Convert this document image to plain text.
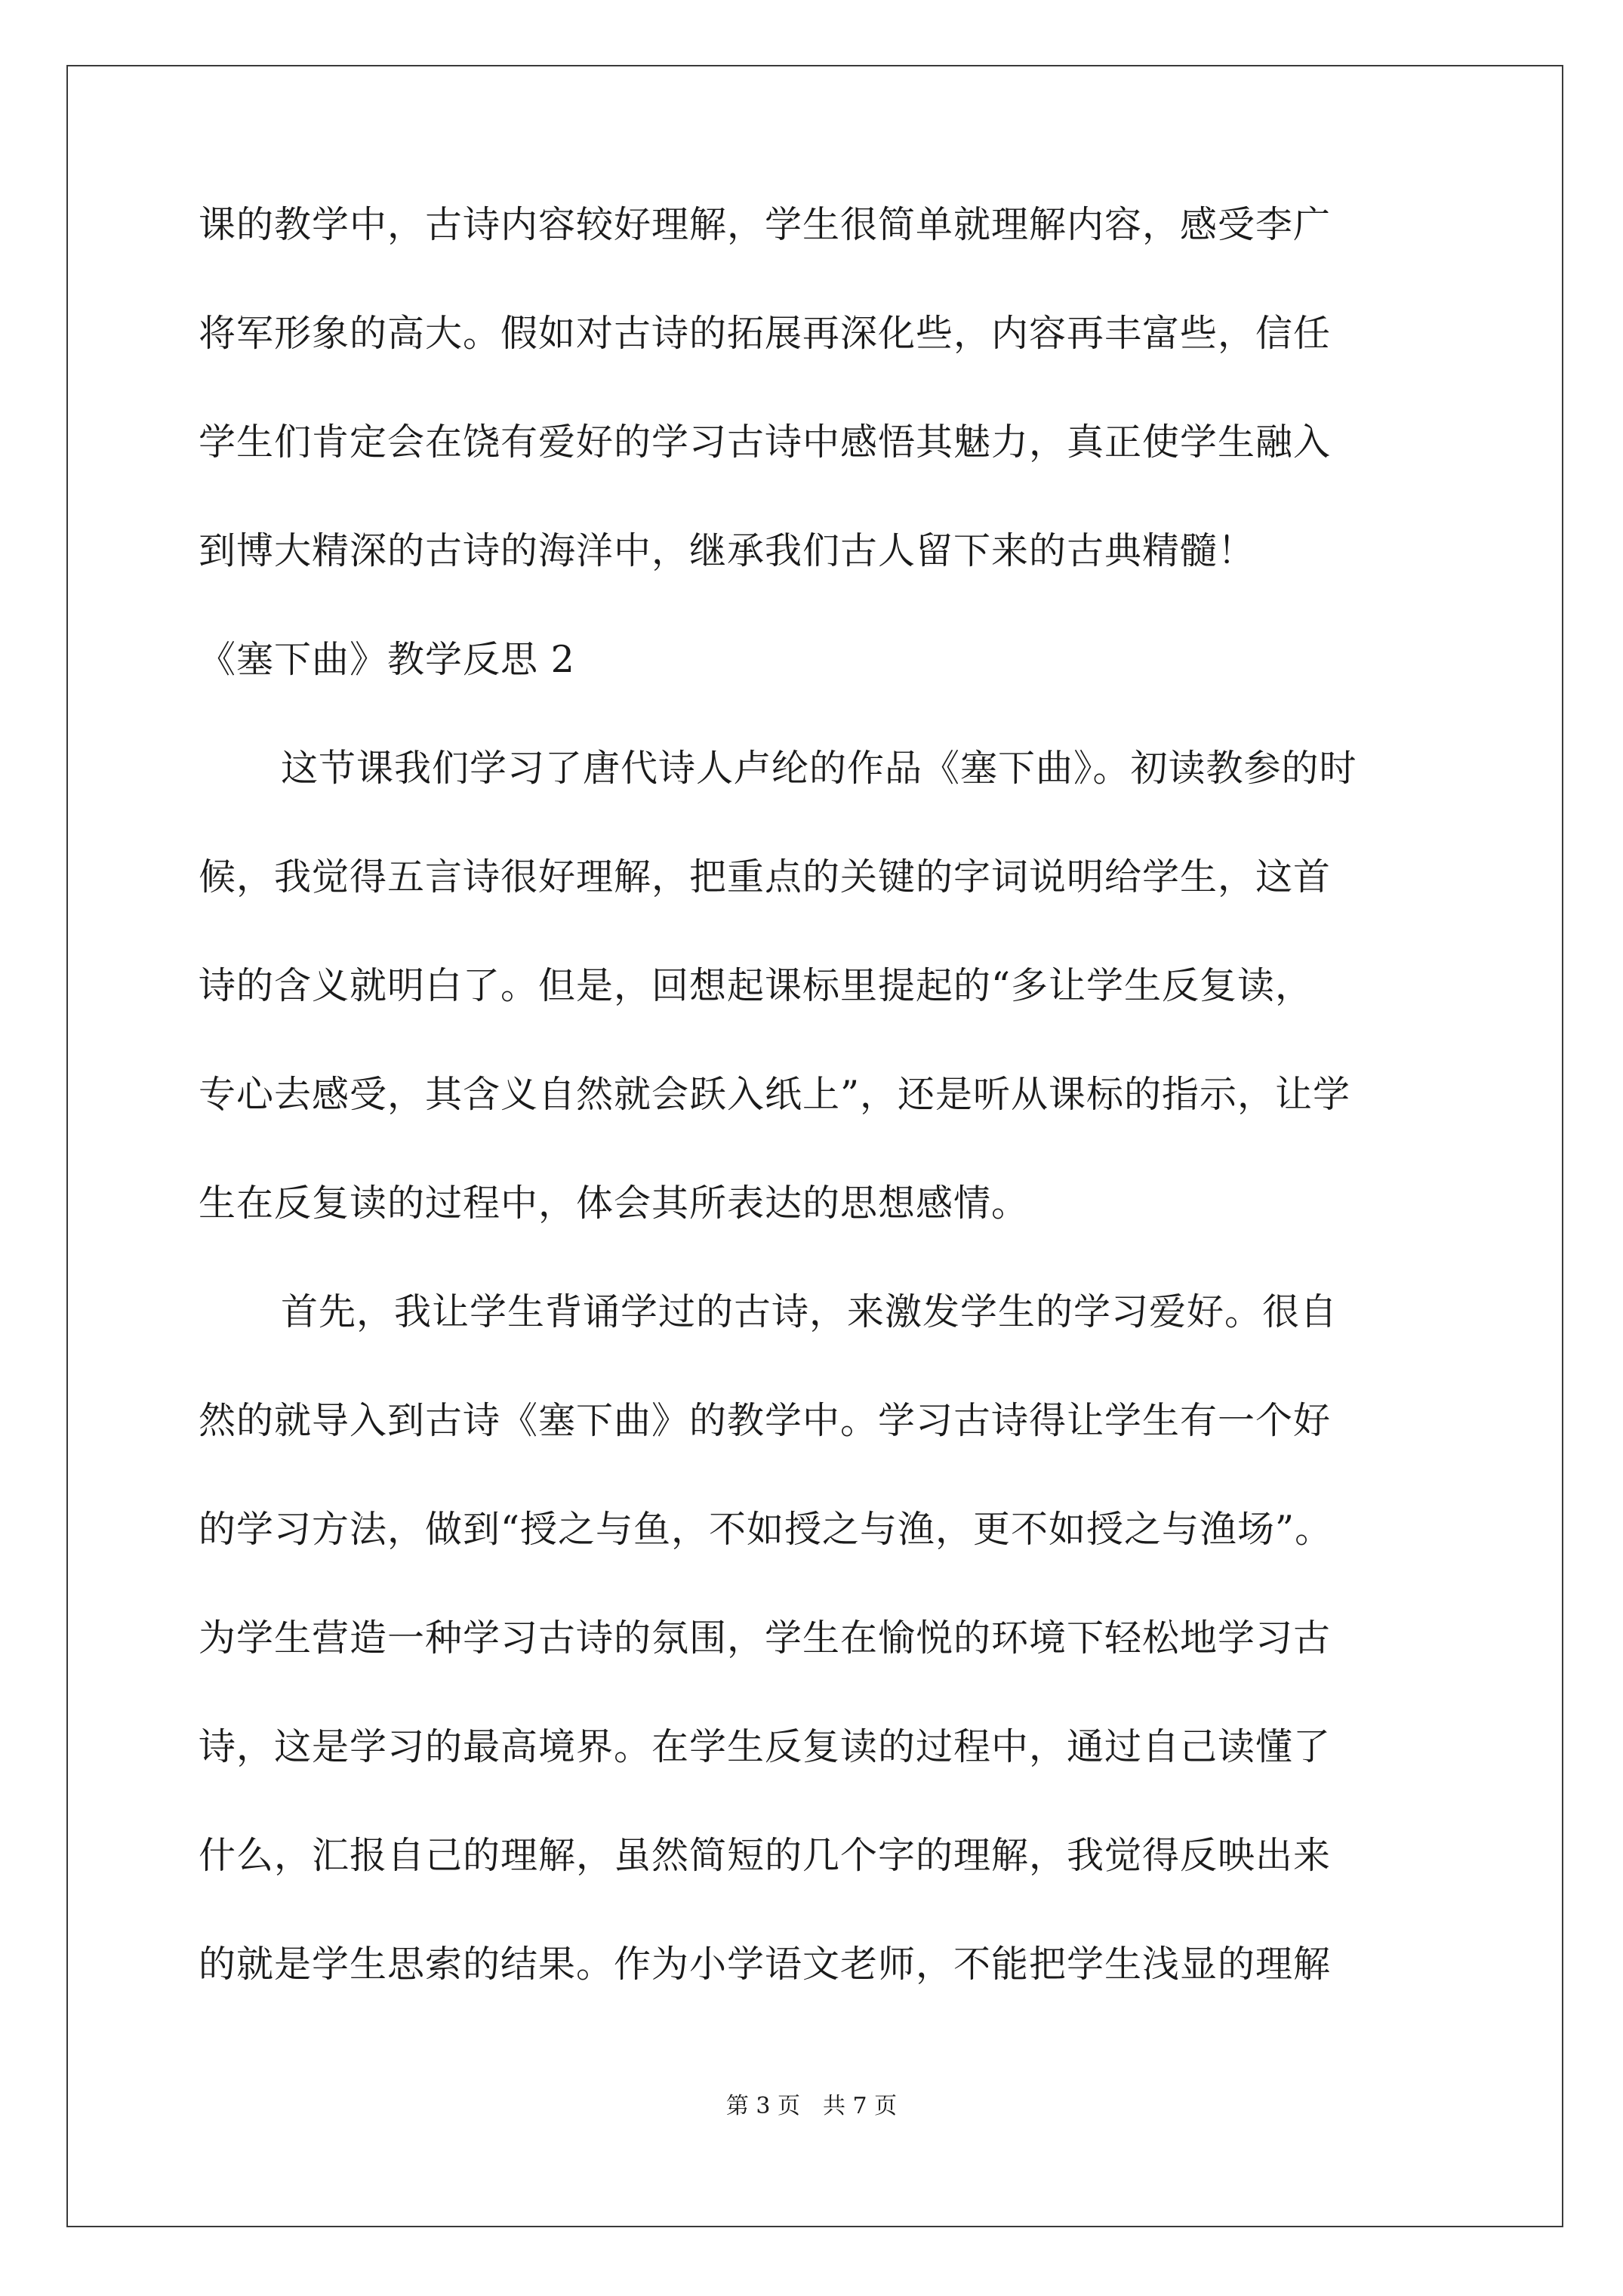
课的教学中，古诗内容较好理解，学生很简单就理解内容，感受李广
将军形象的高大。假如对古诗的拓展再深化些，内容再丰富些，信任
学生们肯定会在饶有爱好的学习古诗中感悟其魅力，真正使学生融入
到博大精深的古诗的海洋中，继承我们古人留下来的古典精髓！
《塞下曲》教学反思 2
这节课我们学习了唐代诗人卢纶的作品《塞下曲》。初读教参的时
候，我觉得五言诗很好理解，把重点的关键的字词说明给学生，这首
诗的含义就明白了。但是，回想起课标里提起的“多让学生反复读，
专心去感受，其含义自然就会跃入纸上”，还是听从课标的指示，让学
生在反复读的过程中，体会其所表达的思想感情。
首先，我让学生背诵学过的古诗，来激发学生的学习爱好。很自
然的就导入到古诗《塞下曲》的教学中。学习古诗得让学生有一个好
的学习方法，做到“授之与鱼，不如授之与渔，更不如授之与渔场”。
为学生营造一种学习古诗的氛围，学生在愉悦的环境下轻松地学习古
诗，这是学习的最高境界。在学生反复读的过程中，通过自己读懂了
什么，汇报自己的理解，虽然简短的几个字的理解，我觉得反映出来
的就是学生思索的结果。作为小学语文老师，不能把学生浅显的理解
第 3 页　共 7 页
